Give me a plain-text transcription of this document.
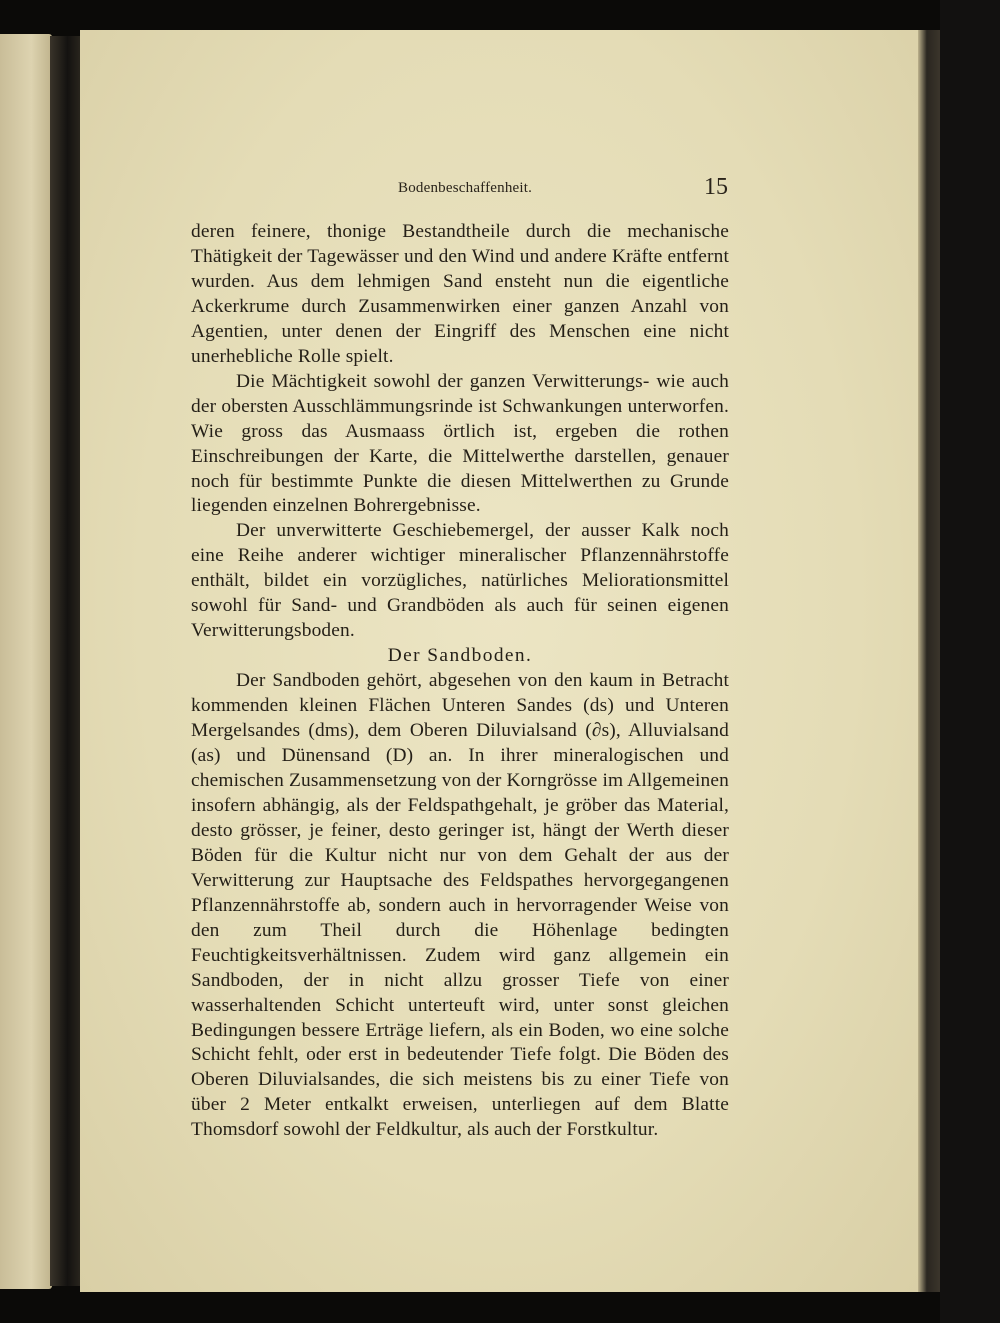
Bodenbeschaffenheit.	15

deren feinere, thonige Bestandtheile durch die mechanische Thätigkeit der Tagewässer und den Wind und andere Kräfte entfernt wurden. Aus dem lehmigen Sand ensteht nun die eigentliche Ackerkrume durch Zusammenwirken einer ganzen Anzahl von Agentien, unter denen der Eingriff des Menschen eine nicht unerhebliche Rolle spielt.

Die Mächtigkeit sowohl der ganzen Verwitterungs- wie auch der obersten Ausschlämmungsrinde ist Schwankungen unterworfen. Wie gross das Ausmaass örtlich ist, ergeben die rothen Einschreibungen der Karte, die Mittelwerthe darstellen, genauer noch für bestimmte Punkte die diesen Mittelwerthen zu Grunde liegenden einzelnen Bohrergebnisse.

Der unverwitterte Geschiebemergel, der ausser Kalk noch eine Reihe anderer wichtiger mineralischer Pflanzennährstoffe enthält, bildet ein vorzügliches, natürliches Meliorationsmittel sowohl für Sand- und Grandböden als auch für seinen eigenen Verwitterungsboden.

Der Sandboden.

Der Sandboden gehört, abgesehen von den kaum in Betracht kommenden kleinen Flächen Unteren Sandes (ds) und Unteren Mergelsandes (dms), dem Oberen Diluvialsand (∂s), Alluvialsand (as) und Dünensand (D) an. In ihrer mineralogischen und chemischen Zusammensetzung von der Korngrösse im Allgemeinen insofern abhängig, als der Feldspathgehalt, je gröber das Material, desto grösser, je feiner, desto geringer ist, hängt der Werth dieser Böden für die Kultur nicht nur von dem Gehalt der aus der Verwitterung zur Hauptsache des Feldspathes hervorgegangenen Pflanzennährstoffe ab, sondern auch in hervorragender Weise von den zum Theil durch die Höhenlage bedingten Feuchtigkeitsverhältnissen. Zudem wird ganz allgemein ein Sandboden, der in nicht allzu grosser Tiefe von einer wasserhaltenden Schicht unterteuft wird, unter sonst gleichen Bedingungen bessere Erträge liefern, als ein Boden, wo eine solche Schicht fehlt, oder erst in bedeutender Tiefe folgt. Die Böden des Oberen Diluvialsandes, die sich meistens bis zu einer Tiefe von über 2 Meter entkalkt erweisen, unterliegen auf dem Blatte Thomsdorf sowohl der Feldkultur, als auch der Forstkultur.
